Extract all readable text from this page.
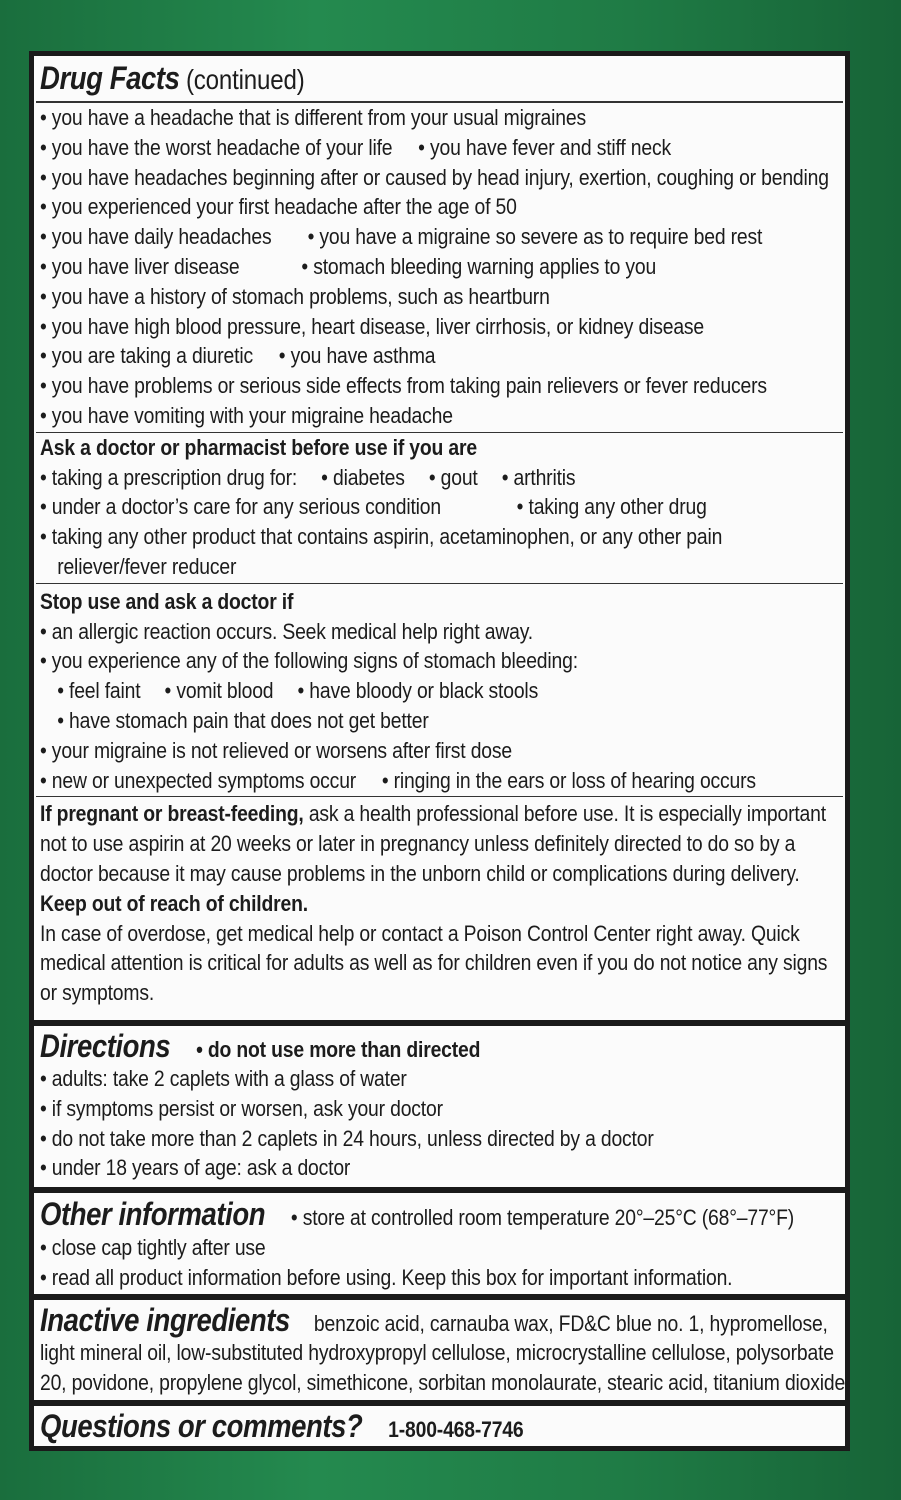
Drug Facts (continued)
• you have a headache that is different from your usual migraines
• you have the worst headache of your life • you have fever and stiff neck
• you have headaches beginning after or caused by head injury, exertion, coughing or bending
• you experienced your first headache after the age of 50
• you have daily headaches • you have a migraine so severe as to require bed rest
• you have liver disease	• stomach bleeding warning applies to you
• you have a history of stomach problems, such as heartburn
• you have high blood pressure, heart disease, liver cirrhosis, or kidney disease
• you are taking a diuretic • you have asthma
• you have problems or serious side effects from taking pain relievers or fever reducers
• you have vomiting with your migraine headache
Ask a doctor or pharmacist before use if you are
• taking a prescription drug for: • diabetes • gout • arthritis
• under a doctor’s care for any serious condition	• taking any other drug
• taking any other product that contains aspirin, acetaminophen, or any other pain
reliever/fever reducer
Stop use and ask a doctor if
• an allergic reaction occurs. Seek medical help right away.
• you experience any of the following signs of stomach bleeding:
• feel faint • vomit blood • have bloody or black stools
• have stomach pain that does not get better
• your migraine is not relieved or worsens after first dose
• new or unexpected symptoms occur • ringing in the ears or loss of hearing occurs
If pregnant or breast-feeding, ask a health professional before use. It is especially important
not to use aspirin at 20 weeks or later in pregnancy unless definitely directed to do so by a
doctor because it may cause problems in the unborn child or complications during delivery.
Keep out of reach of children.
In case of overdose, get medical help or contact a Poison Control Center right away. Quick
medical attention is critical for adults as well as for children even if you do not notice any signs
or symptoms.
Directions • do not use more than directed
• adults: take 2 caplets with a glass of water
• if symptoms persist or worsen, ask your doctor
• do not take more than 2 caplets in 24 hours, unless directed by a doctor
• under 18 years of age: ask a doctor
Other information • store at controlled room temperature 20°–25°C (68°–77°F)
• close cap tightly after use
• read all product information before using. Keep this box for important information.
Inactive ingredients benzoic acid, carnauba wax, FD&C blue no. 1, hypromellose,
light mineral oil, low-substituted hydroxypropyl cellulose, microcrystalline cellulose, polysorbate
20, povidone, propylene glycol, simethicone, sorbitan monolaurate, stearic acid, titanium dioxide
Questions or comments? 1-800-468-7746
